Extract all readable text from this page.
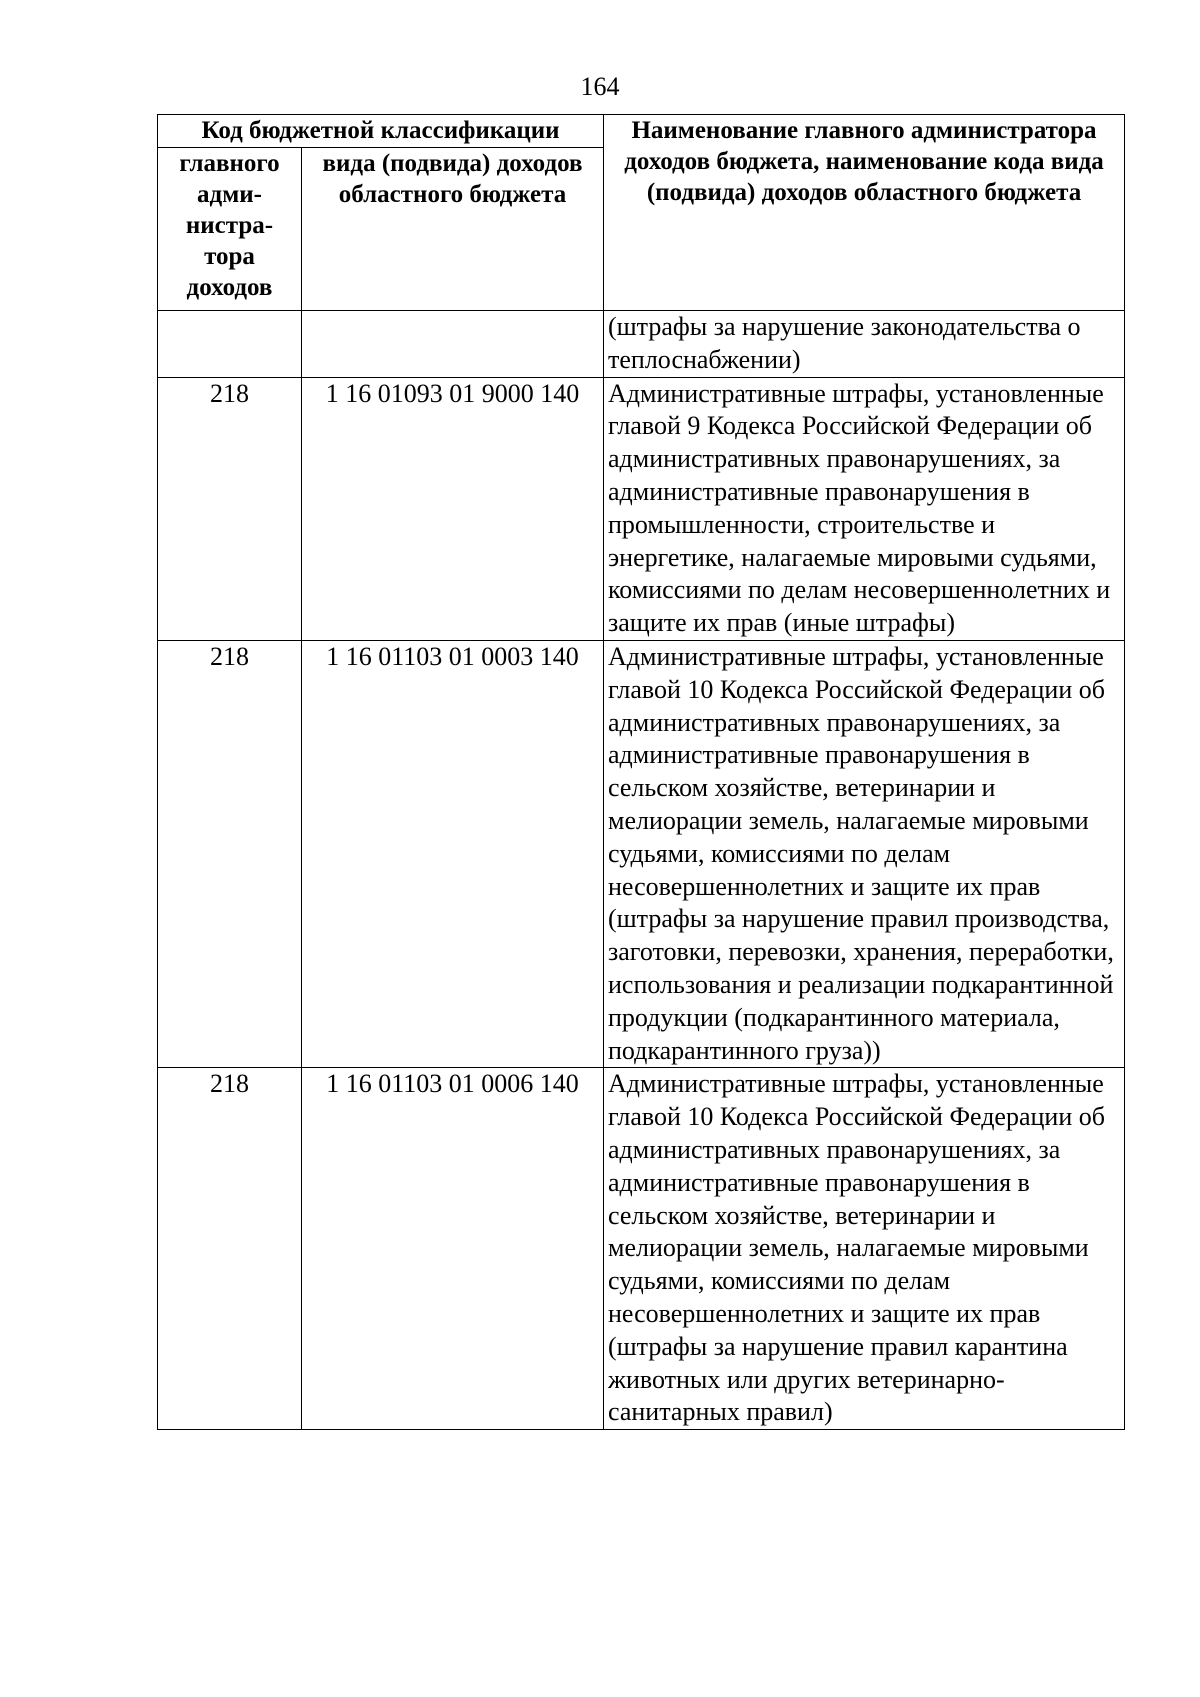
164
Код бюджетной классификации		Наименование главного администратора доходов бюджета, наименование кода вида (подвида) доходов областного бюджета
главного адми-нистра-тора доходов	вида (подвида) доходов областного бюджета	
		(штрафы за нарушение законодательства о теплоснабжении)
218	1 16 01093 01 9000 140	Административные штрафы, установленные главой 9 Кодекса Российской Федерации об административных правонарушениях, за административные правонарушения в промышленности, строительстве и энергетике, налагаемые мировыми судьями, комиссиями по делам несовершеннолетних и защите их прав (иные штрафы)
218	1 16 01103 01 0003 140	Административные штрафы, установленные главой 10 Кодекса Российской Федерации об административных правонарушениях, за административные правонарушения в сельском хозяйстве, ветеринарии и мелиорации земель, налагаемые мировыми судьями, комиссиями по делам несовершеннолетних и защите их прав (штрафы за нарушение правил производства, заготовки, перевозки, хранения, переработки, использования и реализации подкарантинной продукции (подкарантинного материала, подкарантинного груза))
218	1 16 01103 01 0006 140	Административные штрафы, установленные главой 10 Кодекса Российской Федерации об административных правонарушениях, за административные правонарушения в сельском хозяйстве, ветеринарии и мелиорации земель, налагаемые мировыми судьями, комиссиями по делам несовершеннолетних и защите их прав (штрафы за нарушение правил карантина животных или других ветеринарно-санитарных правил)
